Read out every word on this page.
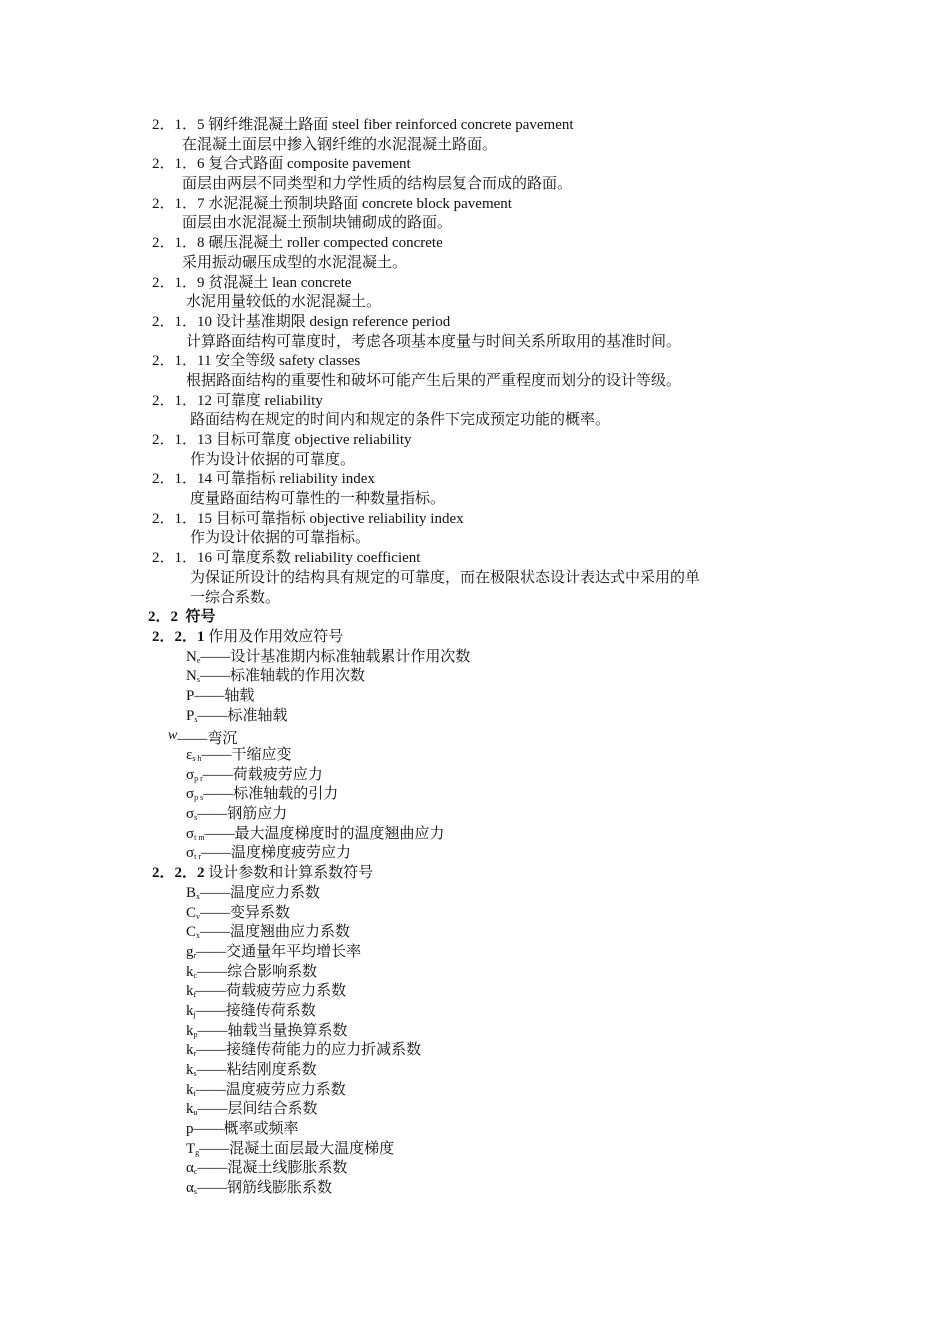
2．1．5 钢纤维混凝土路面 steel fiber reinforced concrete pavement
在混凝土面层中掺入钢纤维的水泥混凝土路面。
2．1．6 复合式路面 composite pavement
面层由两层不同类型和力学性质的结构层复合而成的路面。
2．1．7 水泥混凝土预制块路面 concrete block pavement
面层由水泥混凝土预制块铺砌成的路面。
2．1．8 碾压混凝土 roller compected concrete
采用振动碾压成型的水泥混凝土。
2．1．9 贫混凝土 lean concrete
水泥用量较低的水泥混凝土。
2．1．10 设计基准期限 design reference period
计算路面结构可靠度时，考虑各项基本度量与时间关系所取用的基准时间。
2．1．11 安全等级 safety classes
根据路面结构的重要性和破坏可能产生后果的严重程度而划分的设计等级。
2．1．12 可靠度 reliability
路面结构在规定的时间内和规定的条件下完成预定功能的概率。
2．1．13 目标可靠度 objective reliability
作为设计依据的可靠度。
2．1．14 可靠指标 reliability index
度量路面结构可靠性的一种数量指标。
2．1．15 目标可靠指标 objective reliability index
作为设计依据的可靠指标。
2．1．16 可靠度系数 reliability coefficient
为保证所设计的结构具有规定的可靠度，而在极限状态设计表达式中采用的单
一综合系数。
2．2 符号
2．2．1 作用及作用效应符号
$N_e——$设计基准期内标准轴载累计作用次数
$N_s——$标准轴载的作用次数
P——轴载
$P_s——$标准轴载
w——弯沉
$\varepsilon_{s h}——$干缩应变
$\sigma_{p r}——$荷载疲劳应力
$\sigma_{p s}——$标准轴载的引力
$\sigma_s——$钢筋应力
$\sigma_{t m}——$最大温度梯度时的温度翘曲应力
$\sigma_{t r}——$温度梯度疲劳应力
2．2．2 设计参数和计算系数符号
$B_x——$温度应力系数
$C_v——$变异系数
$C_x——$温度翘曲应力系数
$g_r——$交通量年平均增长率
$k_c——$综合影响系数
$k_f——$荷载疲劳应力系数
$k_j——$接缝传荷系数
$k_p——$轴载当量换算系数
$k_r——$接缝传荷能力的应力折减系数
$k_s——$粘结刚度系数
$k_t——$温度疲劳应力系数
$k_u——$层间结合系数
p——概率或频率
$T_g——$混凝土面层最大温度梯度
$\alpha_c——$混凝土线膨胀系数
$\alpha_s——$钢筋线膨胀系数
